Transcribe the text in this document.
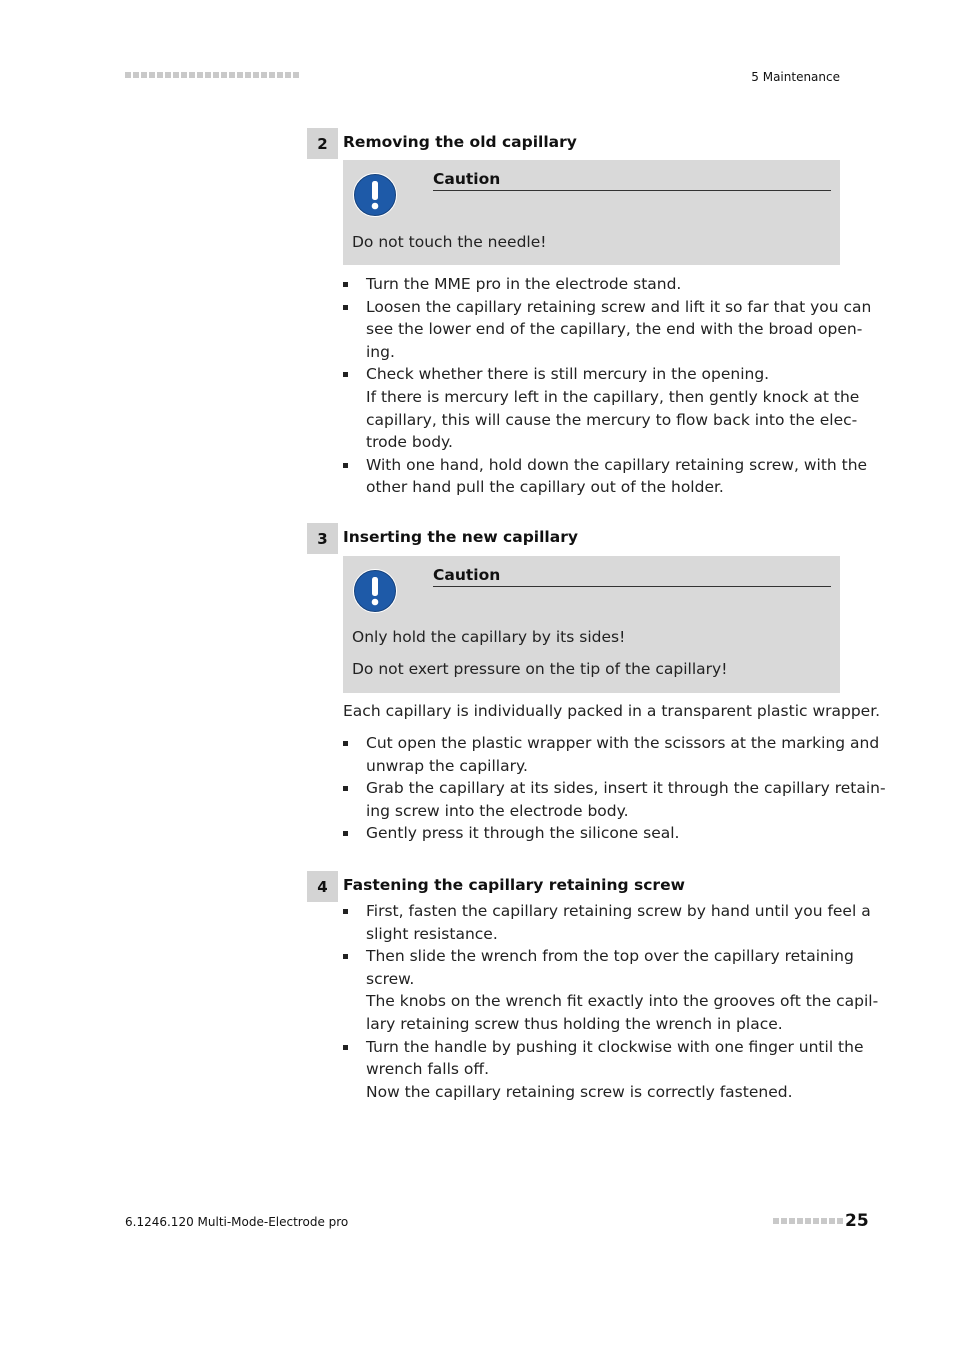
5 Maintenance
2 Removing the old capillary
Caution
Do not touch the needle!
Turn the MME pro in the electrode stand.
Loosen the capillary retaining screw and lift it so far that you can
see the lower end of the capillary, the end with the broad open-
ing.
Check whether there is still mercury in the opening.
If there is mercury left in the capillary, then gently knock at the
capillary, this will cause the mercury to flow back into the elec-
trode body.
With one hand, hold down the capillary retaining screw, with the
other hand pull the capillary out of the holder.
3 Inserting the new capillary
Caution
Only hold the capillary by its sides!
Do not exert pressure on the tip of the capillary!
Each capillary is individually packed in a transparent plastic wrapper.
Cut open the plastic wrapper with the scissors at the marking and
unwrap the capillary.
Grab the capillary at its sides, insert it through the capillary retain-
ing screw into the electrode body.
Gently press it through the silicone seal.
4 Fastening the capillary retaining screw
First, fasten the capillary retaining screw by hand until you feel a
slight resistance.
Then slide the wrench from the top over the capillary retaining
screw.
The knobs on the wrench fit exactly into the grooves oft the capil-
lary retaining screw thus holding the wrench in place.
Turn the handle by pushing it clockwise with one finger until the
wrench falls off.
Now the capillary retaining screw is correctly fastened.
6.1246.120 Multi-Mode-Electrode pro	25
